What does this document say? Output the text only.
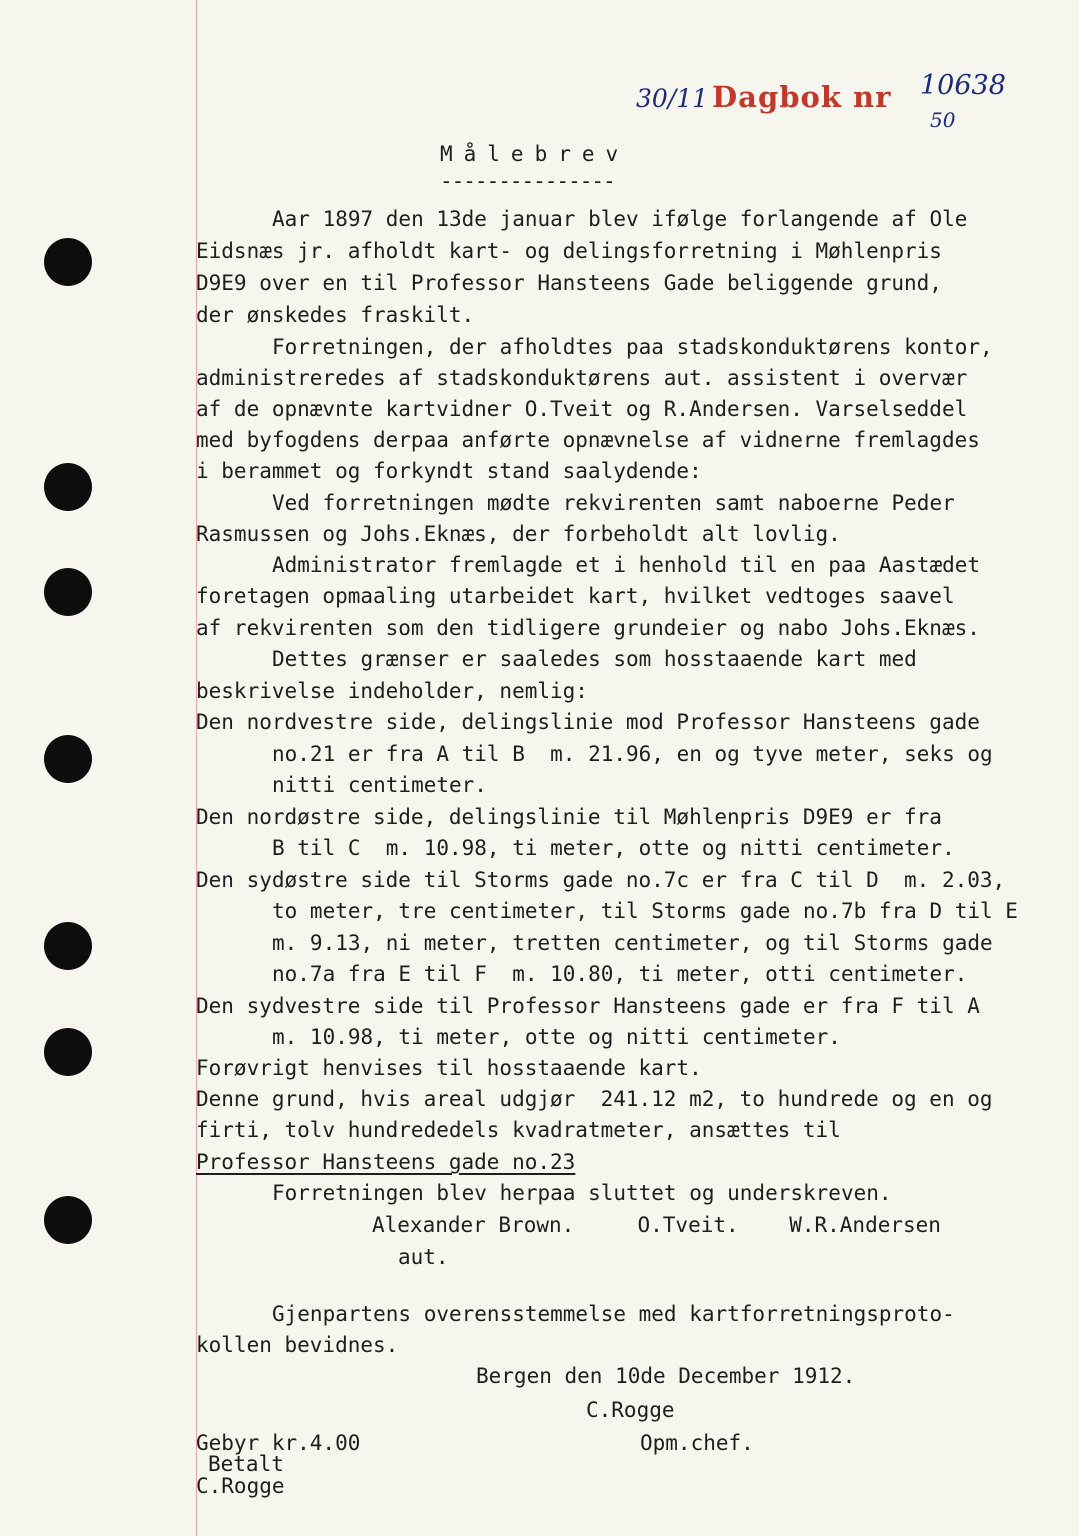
30/11 Dagbok nr 10638
50
Målebrev
---------------
Aar 1897 den 13de januar blev ifølge forlangende af Ole
Eidsnæs jr. afholdt kart- og delingsforretning i Møhlenpris
D9E9 over en til Professor Hansteens Gade beliggende grund,
der ønskedes fraskilt.
Forretningen, der afholdtes paa stadskonduktørens kontor,
administreredes af stadskonduktørens aut. assistent i overvær
af de opnævnte kartvidner O.Tveit og R.Andersen. Varselseddel
med byfogdens derpaa anførte opnævnelse af vidnerne fremlagdes
i berammet og forkyndt stand saalydende:
Ved forretningen mødte rekvirenten samt naboerne Peder
Rasmussen og Johs.Eknæs, der forbeholdt alt lovlig.
Administrator fremlagde et i henhold til en paa Aastædet
foretagen opmaaling utarbeidet kart, hvilket vedtoges saavel
af rekvirenten som den tidligere grundeier og nabo Johs.Eknæs.
Dettes grænser er saaledes som hosstaaende kart med
beskrivelse indeholder, nemlig:
Den nordvestre side, delingslinie mod Professor Hansteens gade
no.21 er fra A til B  m. 21.96, en og tyve meter, seks og
nitti centimeter.
Den nordøstre side, delingslinie til Møhlenpris D9E9 er fra
B til C  m. 10.98, ti meter, otte og nitti centimeter.
Den sydøstre side til Storms gade no.7c er fra C til D  m. 2.03,
to meter, tre centimeter, til Storms gade no.7b fra D til E
m. 9.13, ni meter, tretten centimeter, og til Storms gade
no.7a fra E til F  m. 10.80, ti meter, otti centimeter.
Den sydvestre side til Professor Hansteens gade er fra F til A
m. 10.98, ti meter, otte og nitti centimeter.
Forøvrigt henvises til hosstaaende kart.
Denne grund, hvis areal udgjør  241.12 m2, to hundrede og en og
firti, tolv hundrededels kvadratmeter, ansættes til
Professor Hansteens gade no.23
Forretningen blev herpaa sluttet og underskreven.
Alexander Brown.     O.Tveit.    W.R.Andersen
aut.
Gjenpartens overensstemmelse med kartforretningsproto-
kollen bevidnes.
Bergen den 10de December 1912.
C.Rogge
Opm.chef.
Gebyr kr.4.00
Betalt
C.Rogge
